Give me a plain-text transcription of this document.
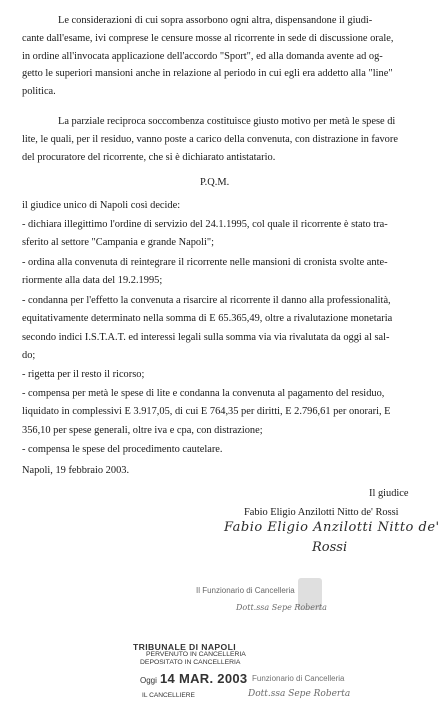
Le considerazioni di cui sopra assorbono ogni altra, dispensandone il giudi-
cante dall'esame, ivi comprese le censure mosse al ricorrente in sede di discussione orale,
in ordine all'invocata applicazione dell'accordo "Sport", ed alla domanda avente ad og-
getto le superiori mansioni anche in relazione al periodo in cui egli era addetto alla "line"
politica.
La parziale reciproca soccombenza costituisce giusto motivo per metà le spese di
lite, le quali, per il residuo, vanno poste a carico della convenuta, con distrazione in favore
del procuratore del ricorrente, che si è dichiarato antistatario.
P.Q.M.
il giudice unico di Napoli così decide:
- dichiara illegittimo l'ordine di servizio del 24.1.1995, col quale il ricorrente è stato tra-
sferito al settore "Campania e grande Napoli";
- ordina alla convenuta di reintegrare il ricorrente nelle mansioni di cronista svolte ante-
riormente alla data del 19.2.1995;
- condanna per l'effetto la convenuta a risarcire al ricorrente il danno alla professionalità,
equitativamente determinato nella somma di E 65.365,49, oltre a rivalutazione monetaria
secondo indici I.S.T.A.T. ed interessi legali sulla somma via via rivalutata da oggi al sal-
do;
- rigetta per il resto il ricorso;
- compensa per metà le spese di lite e condanna la convenuta al pagamento del residuo,
liquidato in complessivi E 3.917,05, di cui E 764,35 per diritti, E 2.796,61 per onorari, E
356,10 per spese generali, oltre iva e cpa, con distrazione;
- compensa le spese del procedimento cautelare.
Napoli, 19 febbraio 2003.
Il giudice
Fabio Eligio Anzilotti Nitto de' Rossi
Fabio Eligio Anzilotti Nitto de'
Rossi
Il Funzionario di Cancelleria
Dott.ssa Sepe Roberta
TRIBUNALE DI NAPOLI
PERVENUTO IN CANCELLERIA
DEPOSITATO IN CANCELLERIA
Oggi 14 MAR. 2003 Funzionario di Cancelleria
IL CANCELLIERE	Dott.ssa Sepe Roberta
